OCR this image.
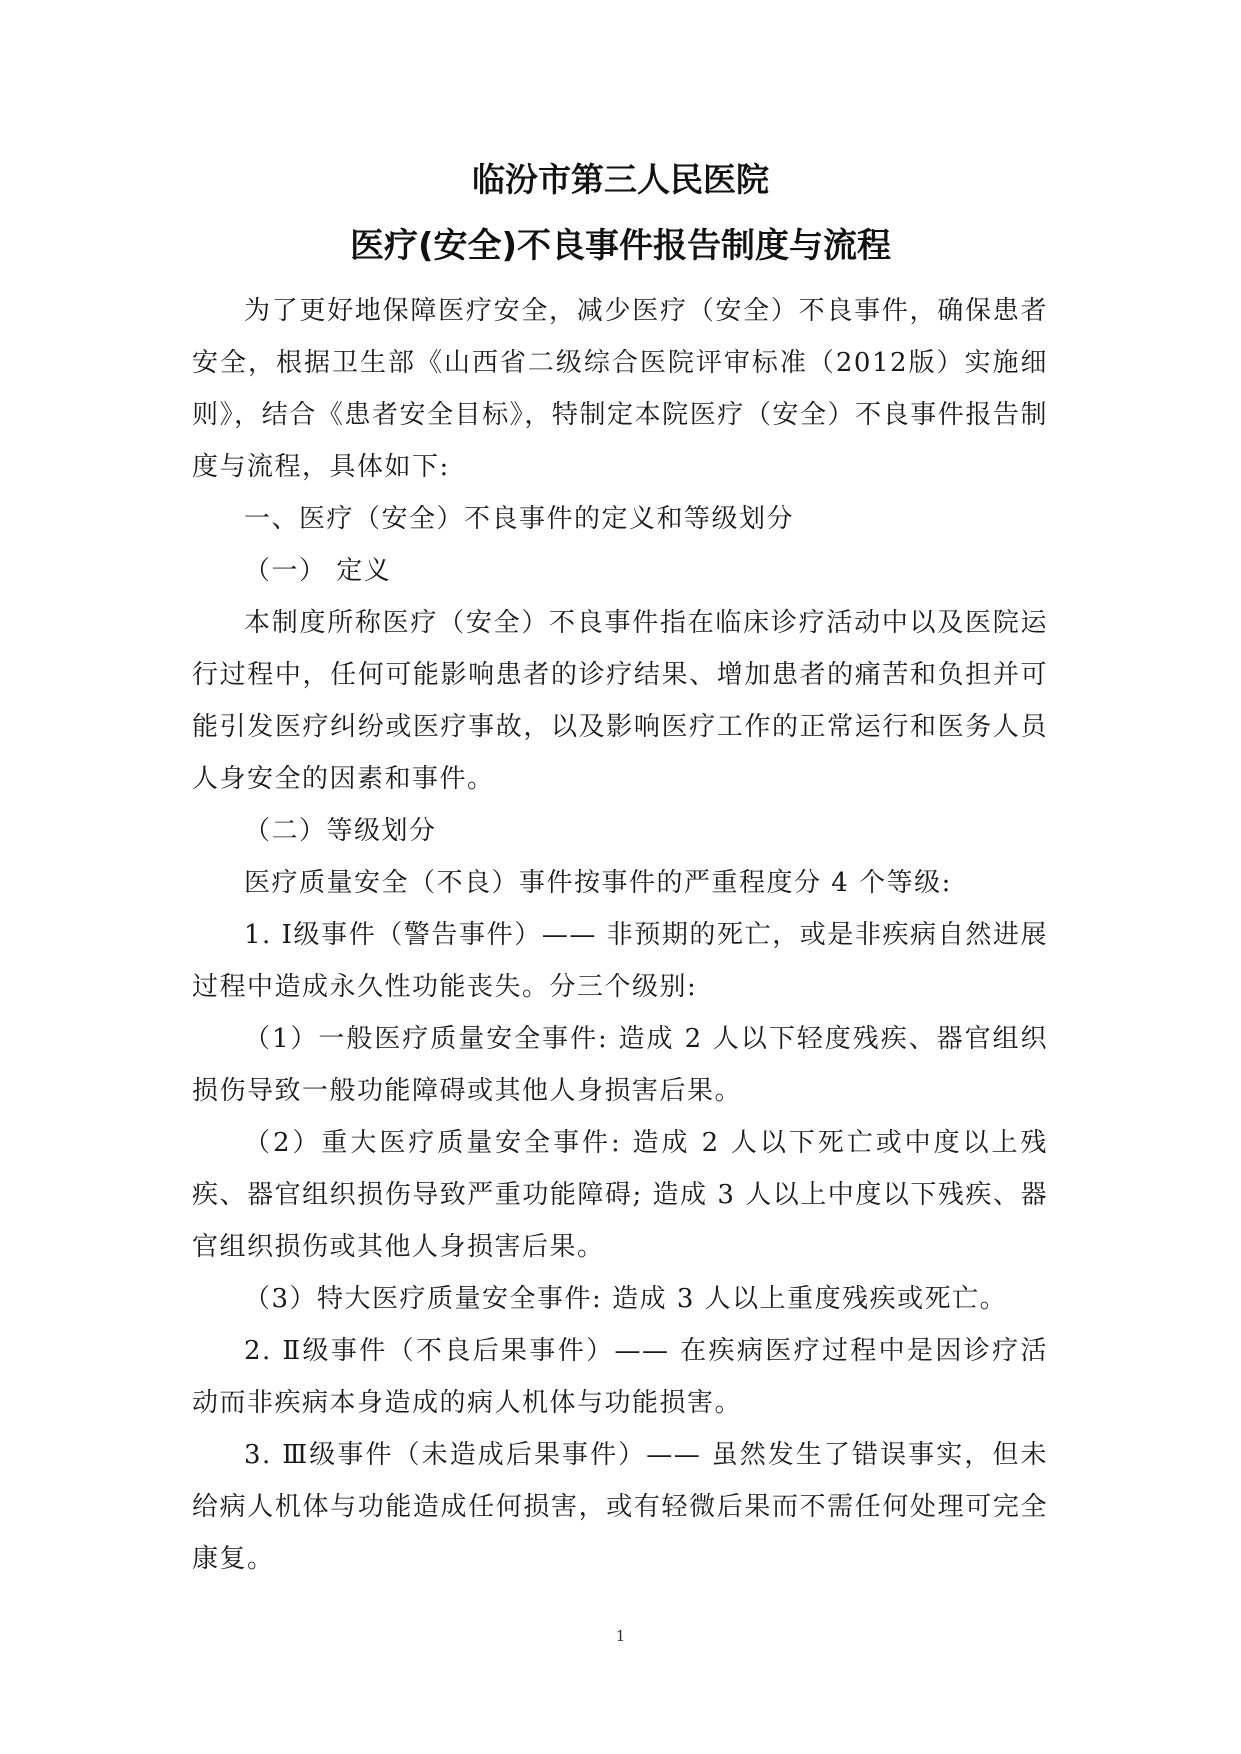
临汾市第三人民医院
医疗(安全)不良事件报告制度与流程

为了更好地保障医疗安全，减少医疗（安全）不良事件，确保患者安全，根据卫生部《山西省二级综合医院评审标准（2012版）实施细则》，结合《患者安全目标》，特制定本院医疗（安全）不良事件报告制度与流程，具体如下:

一、医疗（安全）不良事件的定义和等级划分

（一） 定义

本制度所称医疗（安全）不良事件指在临床诊疗活动中以及医院运行过程中，任何可能影响患者的诊疗结果、增加患者的痛苦和负担并可能引发医疗纠纷或医疗事故，以及影响医疗工作的正常运行和医务人员人身安全的因素和事件。

（二）等级划分

医疗质量安全（不良）事件按事件的严重程度分 4 个等级:

1. Ⅰ级事件（警告事件）—— 非预期的死亡，或是非疾病自然进展过程中造成永久性功能丧失。分三个级别:

（1）一般医疗质量安全事件: 造成 2 人以下轻度残疾、器官组织损伤导致一般功能障碍或其他人身损害后果。

（2）重大医疗质量安全事件: 造成 2 人以下死亡或中度以上残疾、器官组织损伤导致严重功能障碍; 造成 3 人以上中度以下残疾、器官组织损伤或其他人身损害后果。

（3）特大医疗质量安全事件: 造成 3 人以上重度残疾或死亡。

2. Ⅱ级事件（不良后果事件）—— 在疾病医疗过程中是因诊疗活动而非疾病本身造成的病人机体与功能损害。

3. Ⅲ级事件（未造成后果事件）—— 虽然发生了错误事实，但未给病人机体与功能造成任何损害，或有轻微后果而不需任何处理可完全康复。

1
